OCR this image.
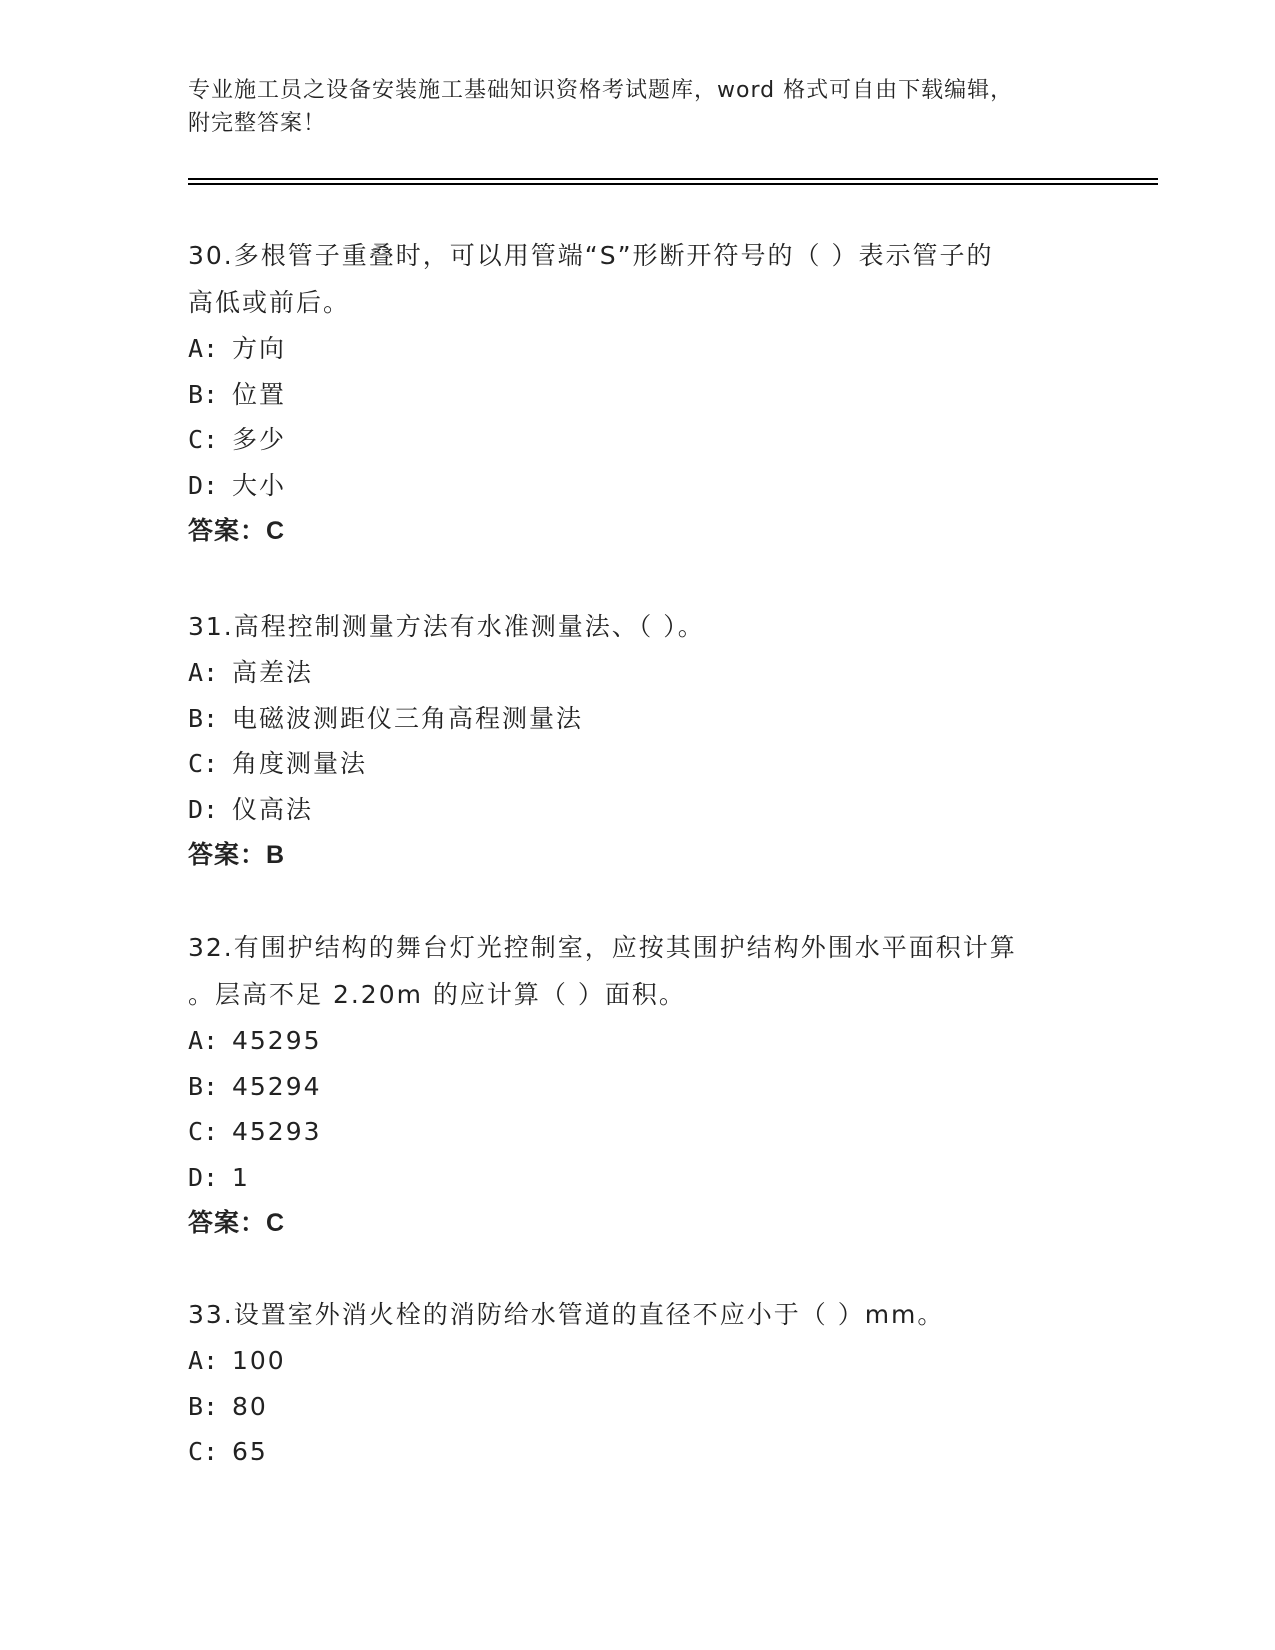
专业施工员之设备安装施工基础知识资格考试题库，word 格式可自由下载编辑，
附完整答案！
30.多根管子重叠时，可以用管端“S”形断开符号的（ ）表示管子的
高低或前后。
A: 方向
B: 位置
C: 多少
D: 大小
答案：C
31.高程控制测量方法有水准测量法、（ ）。
A: 高差法
B: 电磁波测距仪三角高程测量法
C: 角度测量法
D: 仪高法
答案：B
32.有围护结构的舞台灯光控制室，应按其围护结构外围水平面积计算
。层高不足 2.20m 的应计算（ ）面积。
A: 45295
B: 45294
C: 45293
D: 1
答案：C
33.设置室外消火栓的消防给水管道的直径不应小于（ ）mm。
A: 100
B: 80
C: 65
